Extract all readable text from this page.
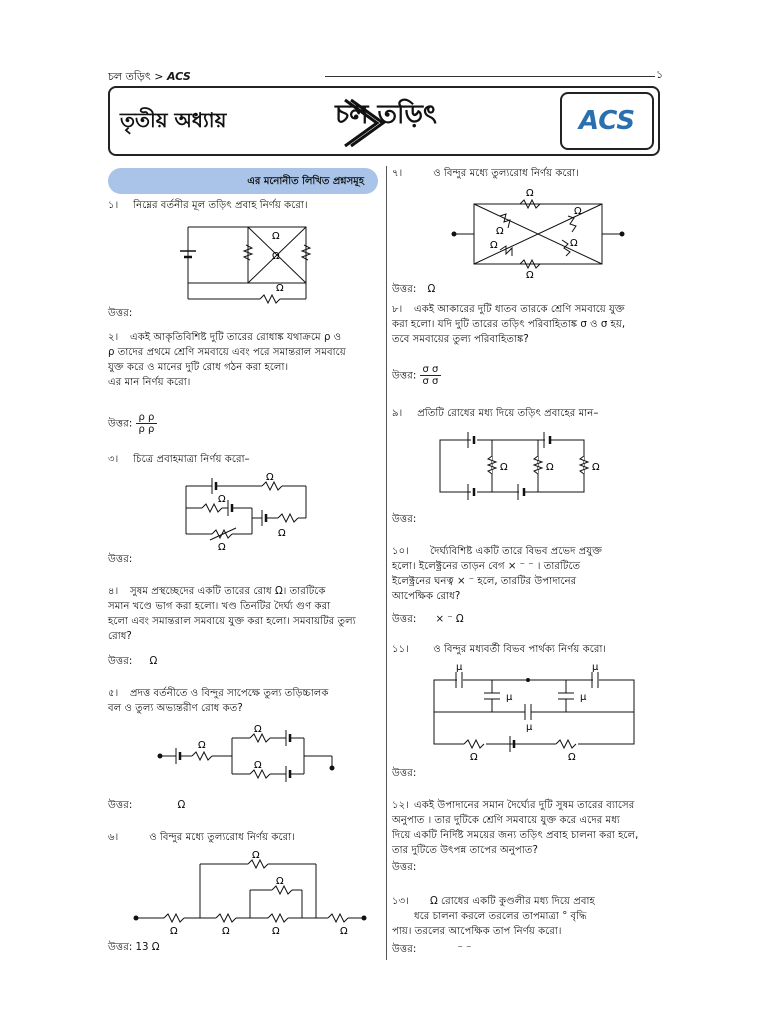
চল তড়িৎ > ACS	১
তৃতীয় অধ্যায়	চল তড়িৎ	ACS
এর মনোনীত লিখিত প্রশ্নসমূহ
১। নিম্নের বর্তনীর মূল তড়িৎ প্রবাহ নির্ণয় করো।
Ω
Ω
Ω
উত্তর:
২। একই আকৃতিবিশিষ্ট দুটি তারের রোধাঙ্ক যথাক্রমে ρ ও
ρ তাদের প্রথমে শ্রেণি সমবায়ে এবং পরে সমান্তরাল সমবায়ে
যুক্ত করে ও মানের দুটি রোধ গঠন করা হলো।
এর মান নির্ণয় করো।
উত্তর: $\frac{\text{ρ ρ}}{\text{ρ ρ}}$
৩। চিত্রে প্রবাহমাত্রা নির্ণয় করো–
Ω
Ω
Ω
Ω
উত্তর:
৪। সুষম প্রস্থচ্ছেদের একটি তারের রোধ Ω। তারটিকে
সমান খণ্ডে ভাগ করা হলো। খণ্ড তিনটির দৈর্ঘ্য গুণ করা
হলো এবং সমান্তরাল সমবায়ে যুক্ত করা হলো। সমবায়টির তুল্য
রোধ?
উত্তর: Ω
৫। প্রদত্ত বর্তনীতে ও বিন্দুর সাপেক্ষে তুল্য তড়িচ্চালক
বল ও তুল্য অভ্যন্তরীণ রোধ কত?
Ω
Ω
Ω
উত্তর:	Ω
৬।	ও বিন্দুর মধ্যে তুল্যরোধ নির্ণয় করো।
Ω	Ω	Ω	Ω
Ω
Ω
উত্তর: 13 Ω
৭।	ও বিন্দুর মধ্যে তুল্যরোধ নির্ণয় করো।
Ω
Ω
Ω
Ω
Ω	Ω
উত্তর: Ω
৮। একই আকারের দুটি ধাতব তারকে শ্রেণি সমবায়ে যুক্ত
করা হলো। যদি দুটি তারের তড়িৎ পরিবাহিতাঙ্ক σ ও σ হয়,
তবে সমবায়ের তুল্য পরিবাহিতাঙ্ক?
উত্তর: $\frac{\text{σ σ}}{\text{σ σ}}$
৯। প্রতিটি রোধের মধ্য দিয়ে তড়িৎ প্রবাহের মান–
Ω	Ω	Ω
উত্তর:
১০। দৈর্ঘ্যবিশিষ্ট একটি তারে বিভব প্রভেদ প্রযুক্ত
হলো। ইলেক্ট্রনের তাড়ন বেগ × ⁻ ⁻ । তারটিতে
ইলেক্ট্রনের ঘনত্ব × ⁻ হলে, তারটির উপাদানের
আপেক্ষিক রোধ?
উত্তর: × ⁻ Ω
১১। ও বিন্দুর মধ্যবর্তী বিভব পার্থক্য নির্ণয় করো।
μ	μ
μ	μ
μ
Ω	Ω
উত্তর:
১২। একই উপাদানের সমান দৈর্ঘ্যের দুটি সুষম তারের ব্যাসের
অনুপাত । তার দুটিকে শ্রেণি সমবায়ে যুক্ত করে এদের মধ্য
দিয়ে একটি নির্দিষ্ট সময়ের জন্য তড়িৎ প্রবাহ চালনা করা হলে,
তার দুটিতে উৎপন্ন তাপের অনুপাত?
উত্তর:
১৩। Ω রোধের একটি কুণ্ডলীর মধ্য দিয়ে প্রবাহ
ধরে চালনা করলে তরলের তাপমাত্রা ° বৃদ্ধি
পায়। তরলের আপেক্ষিক তাপ নির্ণয় করো।
উত্তর:	⁻ ⁻
